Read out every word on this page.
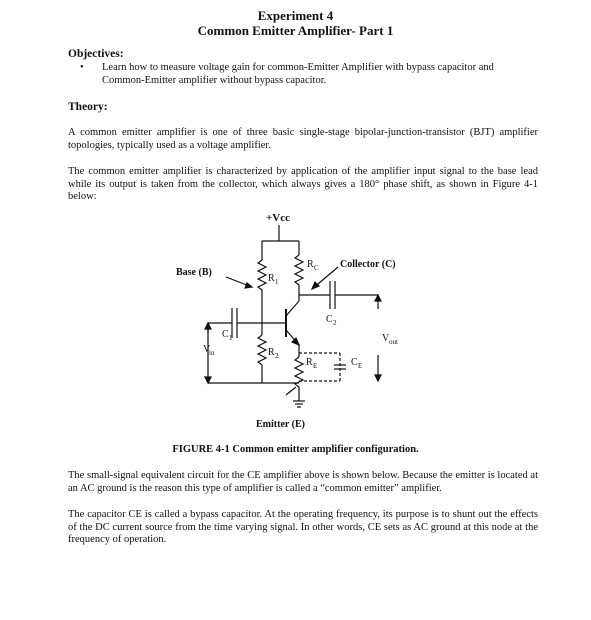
Experiment 4
Common Emitter Amplifier- Part 1
Objectives:
• Learn how to measure voltage gain for common-Emitter Amplifier with bypass capacitor and Common-Emitter amplifier without bypass capacitor.
Theory:
A common emitter amplifier is one of three basic single-stage bipolar-junction-transistor (BJT) amplifier topologies, typically used as a voltage amplifier.
The common emitter amplifier is characterized by application of the amplifier input signal to the base lead while its output is taken from the collector, which always gives a 180° phase shift, as shown in Figure 4-1 below:
+Vcc
Base (B)
Collector (C)
R 1
R C
R 2
R E
C 1
C 2
C E
V
in
V out
Emitter (E)
FIGURE 4-1 Common emitter amplifier configuration.
The small-signal equivalent circuit for the CE amplifier above is shown below. Because the emitter is located at an AC ground is the reason this type of amplifier is called a “common emitter” amplifier.
The capacitor CE is called a bypass capacitor. At the operating frequency, its purpose is to shunt out the effects of the DC current source from the time varying signal. In other words, CE sets as AC ground at this node at the frequency of operation.
